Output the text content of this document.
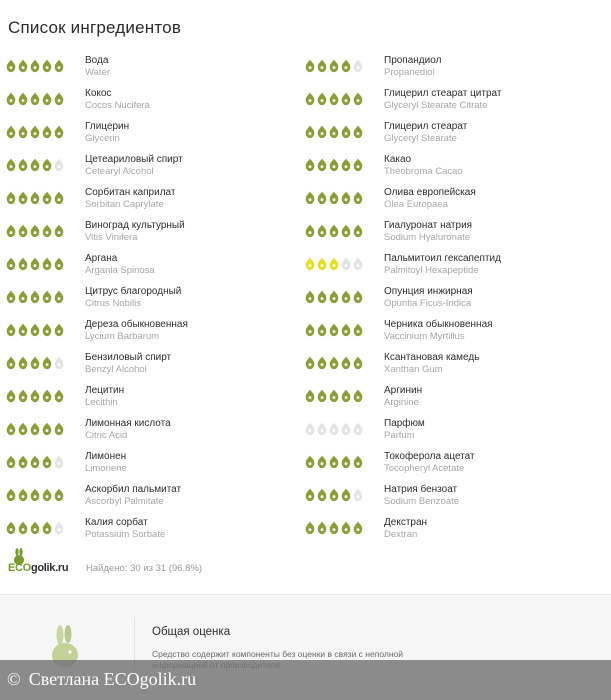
Список ингредиентов
Вода
Water
Кокос
Cocos Nucifera
Глицерин
Glycerin
Цетеариловый спирт
Cetearyl Alcohol
Сорбитан каприлат
Sorbitan Caprylate
Виноград культурный
Vitis Vinifera
Аргана
Argania Spinosa
Цитрус благородный
Citrus Nobilis
Дереза обыкновенная
Lycium Barbarum
Бензиловый спирт
Benzyl Alcohol
Лецитин
Lecithin
Лимонная кислота
Citric Acid
Лимонен
Limonene
Аскорбил пальмитат
Ascorbyl Palmitate
Калия сорбат
Potassium Sorbate
Пропандиол
Propanediol
Глицерил стеарат цитрат
Glyceryl Stearate Citrate
Глицерил стеарат
Glyceryl Stearate
Какао
Theobroma Cacao
Олива европейская
Olea Europaea
Гиалуронат натрия
Sodium Hyaluronate
Пальмитоил гексапептид
Palmitoyl Hexapeptide
Опунция инжирная
Opuntia Ficus-Indica
Черника обыкновенная
Vaccinium Myrtillus
Ксантановая камедь
Xanthan Gum
Аргинин
Arginine
Парфюм
Parfum
Токоферола ацетат
Tocopheryl Acetate
Натрия бензоат
Sodium Benzoate
Декстран
Dextran
ECOgolik.ru Найдено: 30 из 31 (96.8%)
Общая оценка
Средство содержит компоненты без оценки в связи с неполной
© Светлана ECOgolik.ru
